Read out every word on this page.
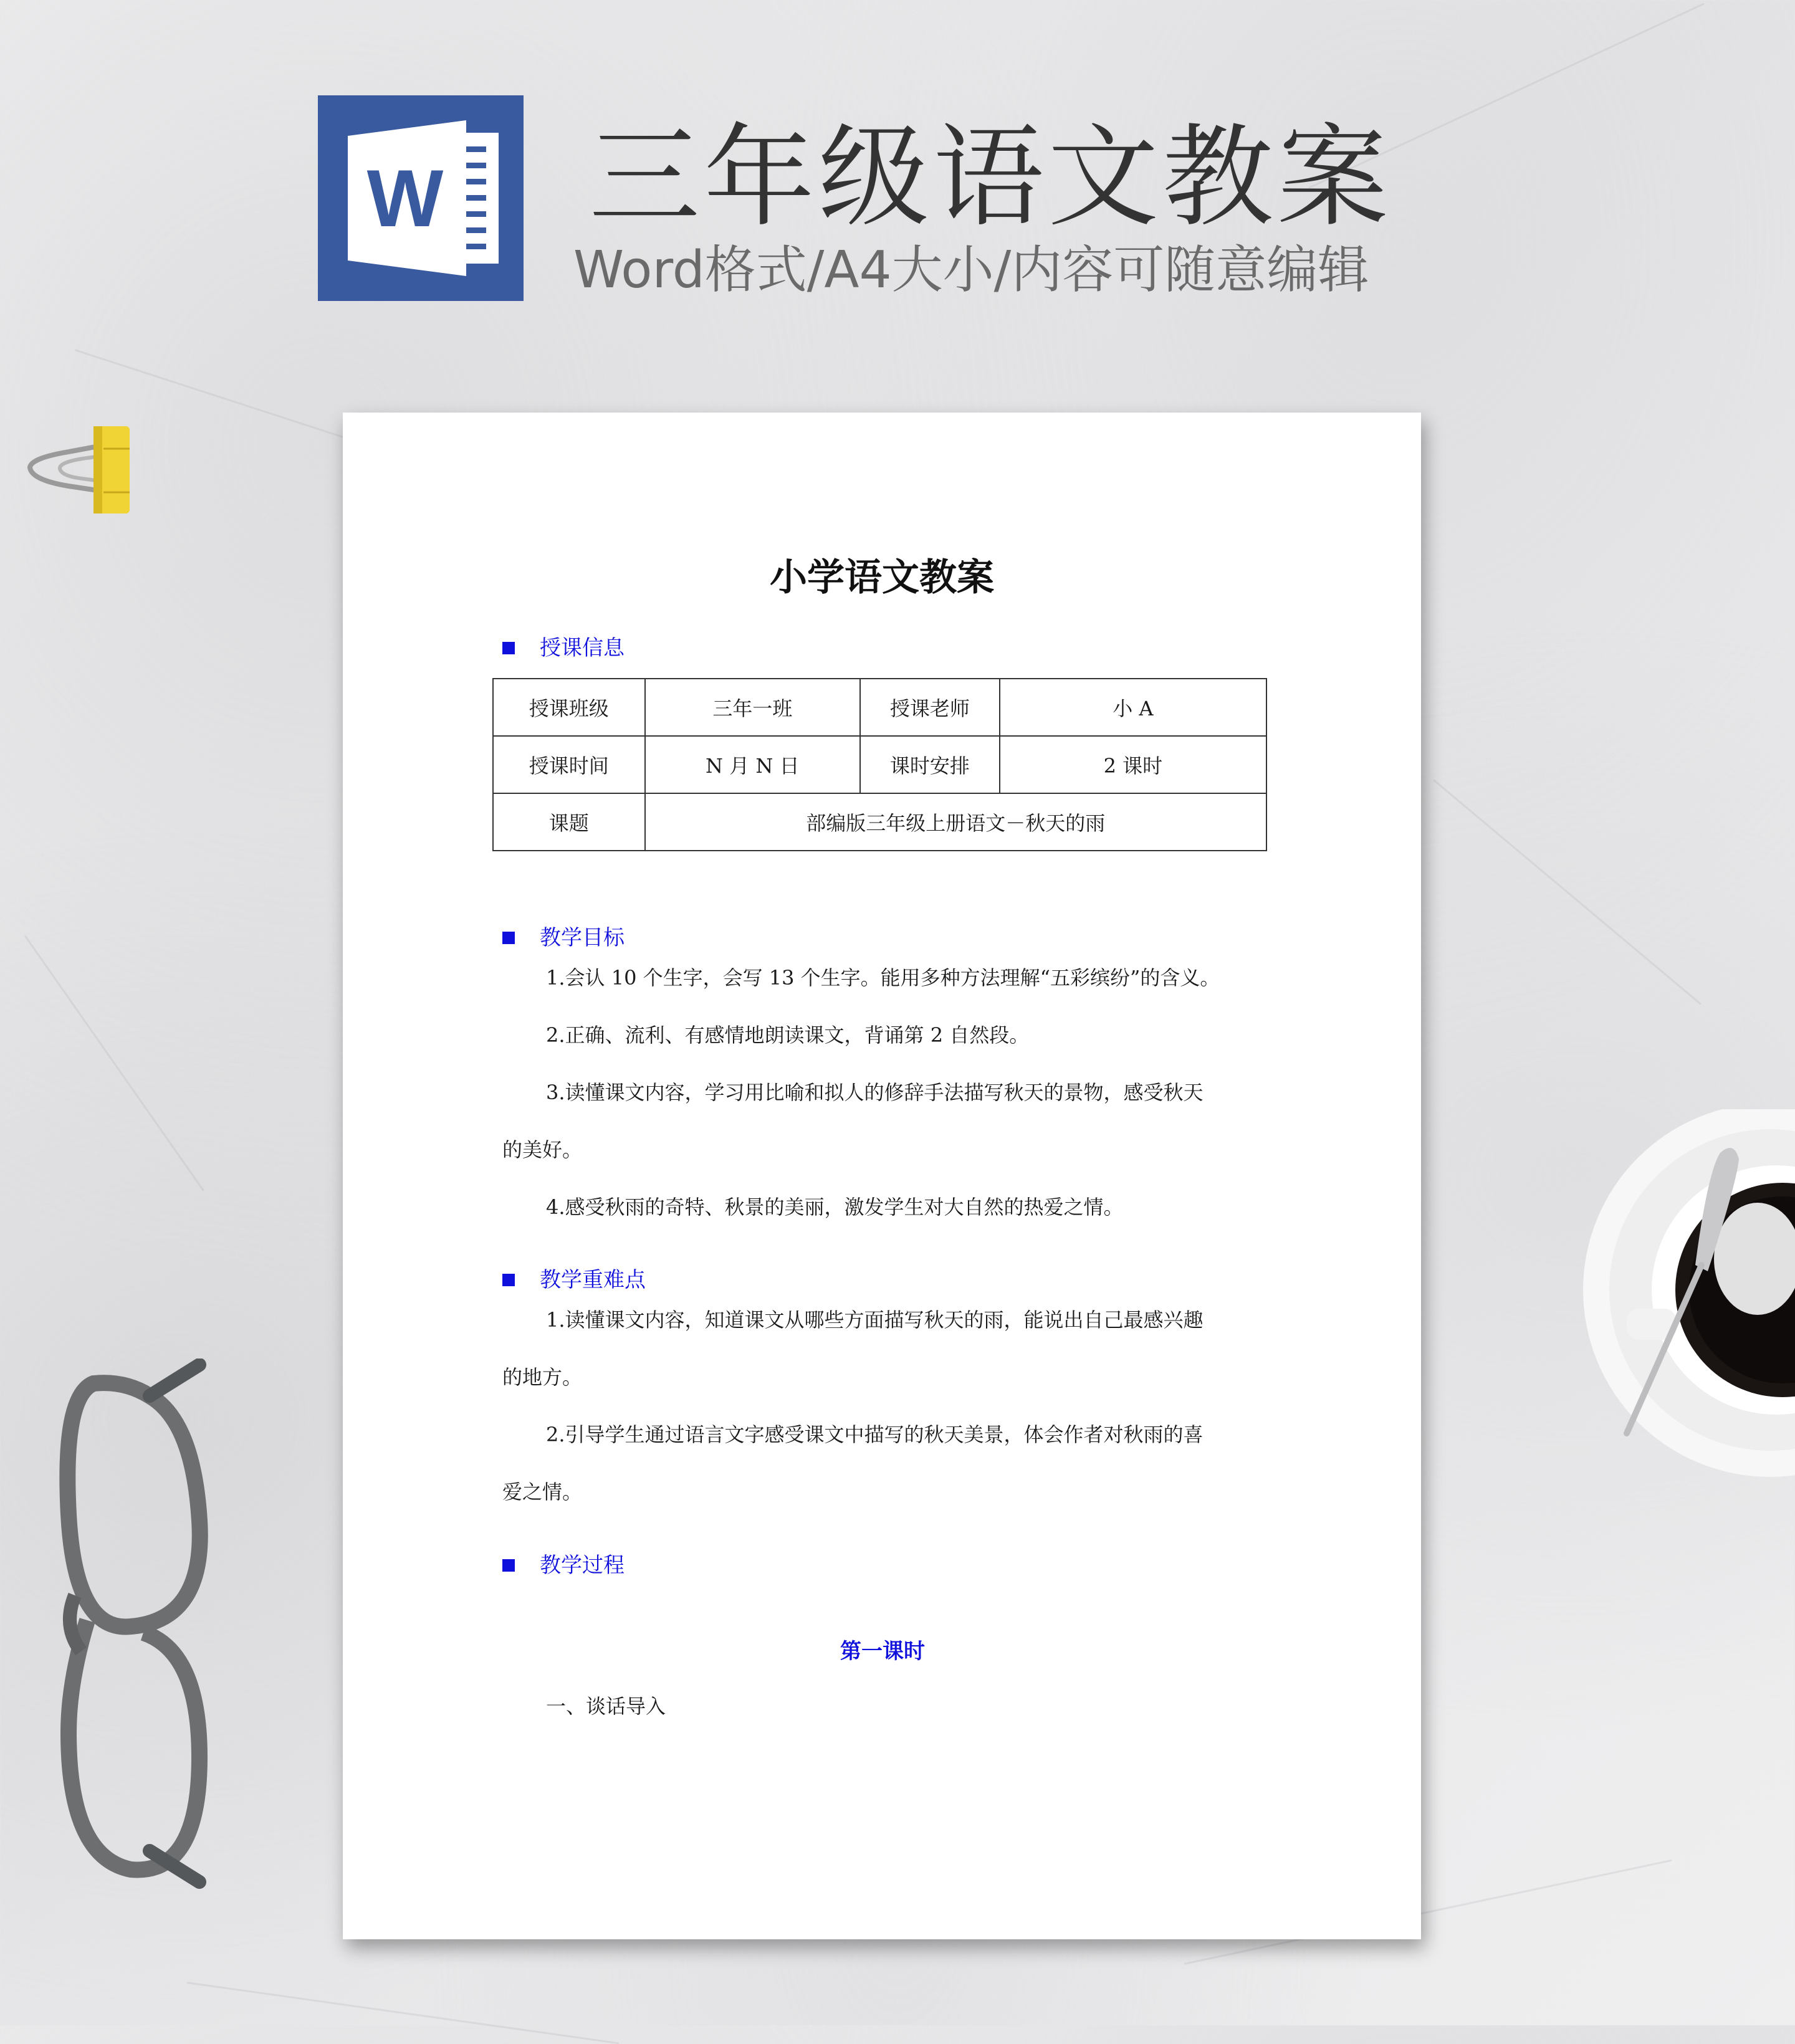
W 三年级语文教案
Word格式/A4大小/内容可随意编辑
小学语文教案
授课信息
授课班级	三年一班	授课老师	小 A
授课时间	N 月 N 日	课时安排	2 课时
课题	部编版三年级上册语文－秋天的雨		
教学目标
1.会认 10 个生字，会写 13 个生字。能用多种方法理解“五彩缤纷”的含义。
2.正确、流利、有感情地朗读课文，背诵第 2 自然段。
3.读懂课文内容，学习用比喻和拟人的修辞手法描写秋天的景物，感受秋天
的美好。
4.感受秋雨的奇特、秋景的美丽，激发学生对大自然的热爱之情。
教学重难点
1.读懂课文内容，知道课文从哪些方面描写秋天的雨，能说出自己最感兴趣
的地方。
2.引导学生通过语言文字感受课文中描写的秋天美景，体会作者对秋雨的喜
爱之情。
教学过程
第一课时
一、谈话导入
